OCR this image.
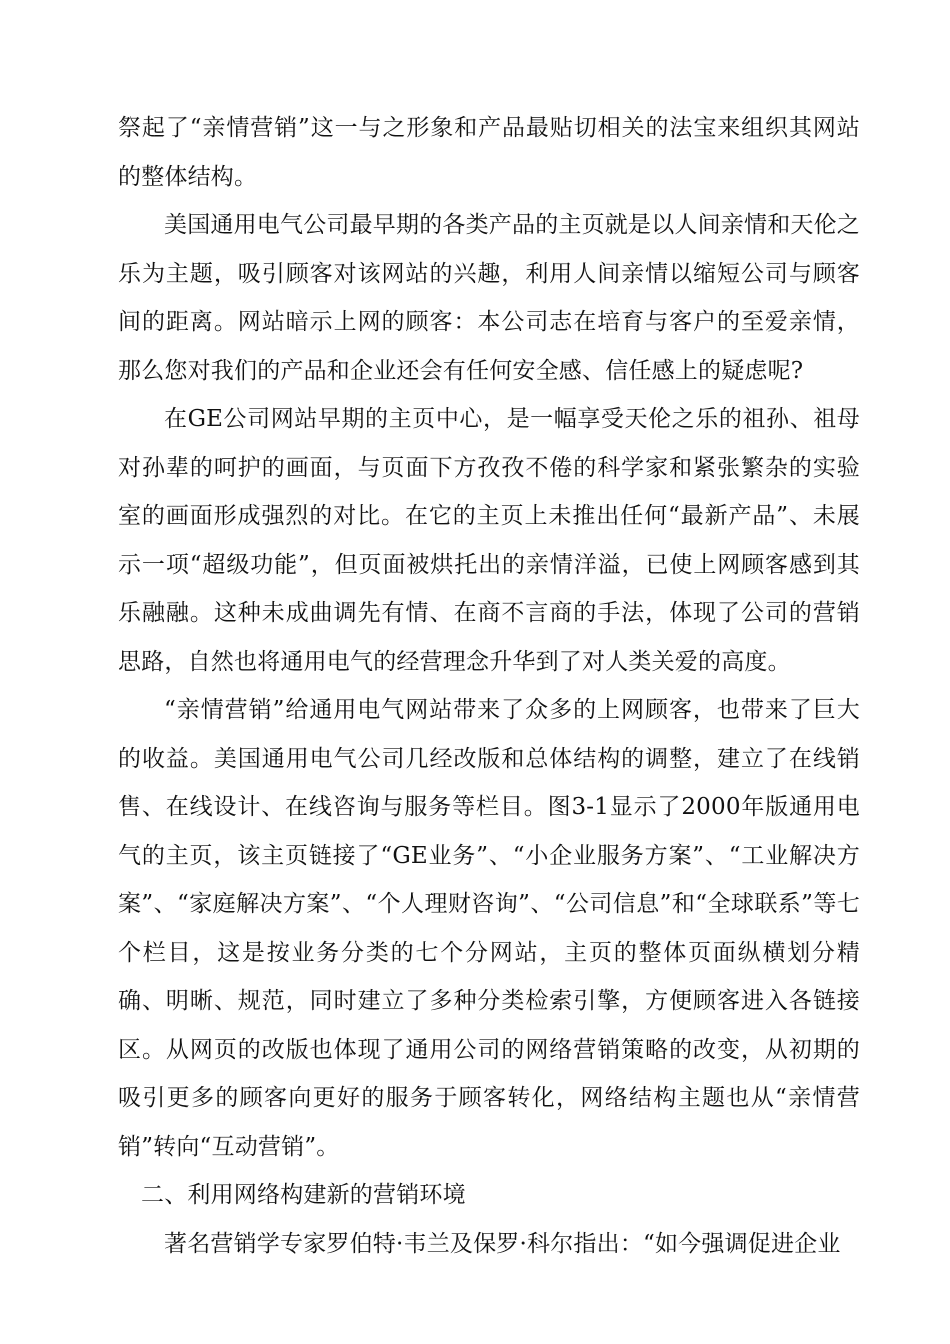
祭起了“亲情营销”这一与之形象和产品最贴切相关的法宝来组织其网站的整体结构。

美国通用电气公司最早期的各类产品的主页就是以人间亲情和天伦之乐为主题，吸引顾客对该网站的兴趣，利用人间亲情以缩短公司与顾客间的距离。网站暗示上网的顾客：本公司志在培育与客户的至爱亲情，那么您对我们的产品和企业还会有任何安全感、信任感上的疑虑呢?

在GE公司网站早期的主页中心，是一幅享受天伦之乐的祖孙、祖母对孙辈的呵护的画面，与页面下方孜孜不倦的科学家和紧张繁杂的实验室的画面形成强烈的对比。在它的主页上未推出任何“最新产品”、未展示一项“超级功能”，但页面被烘托出的亲情洋溢，已使上网顾客感到其乐融融。这种未成曲调先有情、在商不言商的手法，体现了公司的营销思路，自然也将通用电气的经营理念升华到了对人类关爱的高度。

“亲情营销”给通用电气网站带来了众多的上网顾客，也带来了巨大的收益。美国通用电气公司几经改版和总体结构的调整，建立了在线销售、在线设计、在线咨询与服务等栏目。图3-1显示了2000年版通用电气的主页，该主页链接了“GE业务”、“小企业服务方案”、“工业解决方案”、“家庭解决方案”、“个人理财咨询”、“公司信息”和“全球联系”等七个栏目，这是按业务分类的七个分网站，主页的整体页面纵横划分精确、明晰、规范，同时建立了多种分类检索引擎，方便顾客进入各链接区。从网页的改版也体现了通用公司的网络营销策略的改变，从初期的吸引更多的顾客向更好的服务于顾客转化，网络结构主题也从“亲情营销”转向“互动营销”。

二、利用网络构建新的营销环境

著名营销学专家罗伯特·韦兰及保罗·科尔指出：“如今强调促进企业
